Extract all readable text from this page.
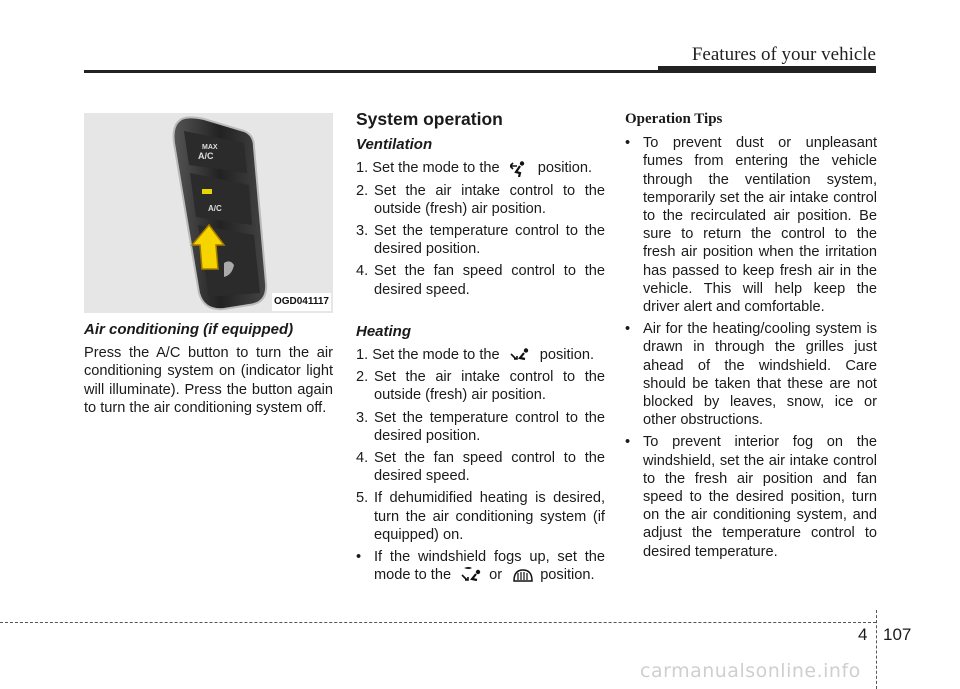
Features of your vehicle
MAX
A/C
A/C
OGD041117
Air conditioning (if equipped)

Press the A/C button to turn the air conditioning system on (indicator light will illuminate). Press the button again to turn the air conditioning system off.

System operation
Ventilation

1. Set the mode to the	position.

2. Set the air intake control to the outside (fresh) air position.
3. Set the temperature control to the desired position.
4. Set the fan speed control to the desired speed.
Heating

1. Set the mode to the	position.

2. Set the air intake control to the outside (fresh) air position.
3. Set the temperature control to the desired position.
4. Set the fan speed control to the desired speed.
5. If dehumidified heating is desired, turn the air conditioning system (if equipped) on.
• If the windshield fogs up, set the mode to the	or	position.
Operation Tips
• To prevent dust or unpleasant fumes from entering the vehicle through the ventilation system, temporarily set the air intake control to the recirculated air position. Be sure to return the control to the fresh air position when the irritation has passed to keep fresh air in the vehicle. This will help keep the driver alert and comfortable.
• Air for the heating/cooling system is drawn in through the grilles just ahead of the windshield. Care should be taken that these are not blocked by leaves, snow, ice or other obstructions.
• To prevent interior fog on the windshield, set the air intake control to the fresh air position and fan speed to the desired position, turn on the air conditioning system, and adjust the temperature control to desired temperature.
4 107
carmanualsonline.info
